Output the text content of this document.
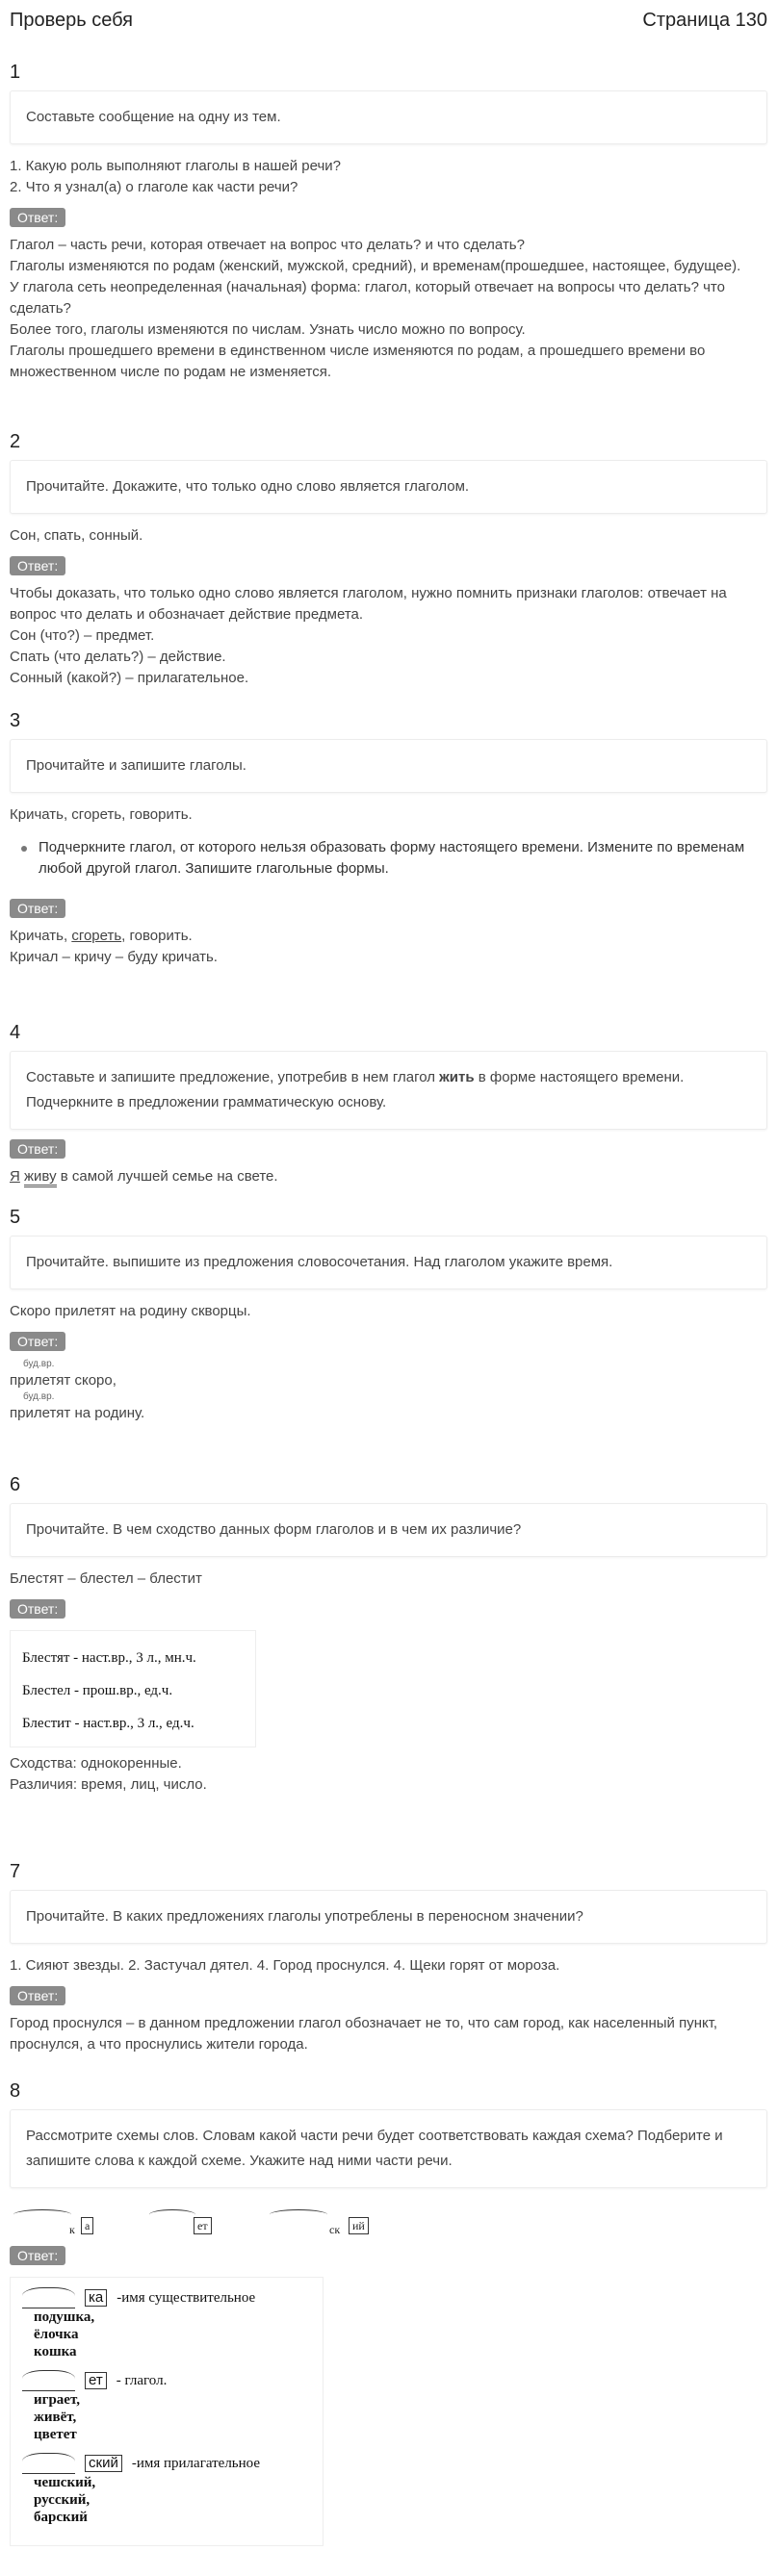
Проверь себя	Страница 130
1
Составьте сообщение на одну из тем.
1. Какую роль выполняют глаголы в нашей речи?
2. Что я узнал(а) о глаголе как части речи?
Ответ:
Глагол – часть речи, которая отвечает на вопрос что делать? и что сделать?
Глаголы изменяются по родам (женский, мужской, средний), и временам(прошедшее, настоящее, будущее).
У глагола сеть неопределенная (начальная) форма: глагол, который отвечает на вопросы что делать? что сделать?
Более того, глаголы изменяются по числам. Узнать число можно по вопросу.
Глаголы прошедшего времени в единственном числе изменяются по родам, а прошедшего времени во множественном числе по родам не изменяется.
2
Прочитайте. Докажите, что только одно слово является глаголом.
Сон, спать, сонный.
Ответ:
Чтобы доказать, что только одно слово является глаголом, нужно помнить признаки глаголов: отвечает на вопрос что делать и обозначает действие предмета.
Сон (что?) – предмет.
Спать (что делать?) – действие.
Сонный (какой?) – прилагательное.
3
Прочитайте и запишите глаголы.
Кричать, сгореть, говорить.
Подчеркните глагол, от которого нельзя образовать форму настоящего времени. Измените по временам любой другой глагол. Запишите глагольные формы.
Ответ:
Кричать, сгореть, говорить.
Кричал – кричу – буду кричать.
4
Составьте и запишите предложение, употребив в нем глагол жить в форме настоящего времени. Подчеркните в предложении грамматическую основу.
Ответ:
Я живу в самой лучшей семье на свете.
5
Прочитайте. выпишите из предложения словосочетания. Над глаголом укажите время.
Скоро прилетят на родину скворцы.
Ответ:
буд.вр.
прилетят скоро,
буд.вр.
прилетят на родину.
6
Прочитайте. В чем сходство данных форм глаголов и в чем их различие?
Блестят – блестел – блестит
Ответ:
Блестят - наст.вр., 3 л., мн.ч.
Блестел - прош.вр., ед.ч.
Блестит - наст.вр., 3 л., ед.ч.
Сходства: однокоренные.
Различия: время, лиц, число.
7
Прочитайте. В каких предложениях глаголы употреблены в переносном значении?
1. Сияют звезды. 2. Застучал дятел. 4. Город проснулся. 4. Щеки горят от мороза.
Ответ:
Город проснулся – в данном предложении глагол обозначает не то, что сам город, как населенный пункт, проснулся, а что проснулись жители города.
8
Рассмотрите схемы слов. Словам какой части речи будет соответствовать каждая схема? Подберите и запишите слова к каждой схеме. Укажите над ними части речи.
к а	ет	ск	ий
Ответ:
ка -имя существительное
подушка,
ёлочка
кошка
ет - глагол.
играет,
живёт,
цветет
ский -имя прилагательное
чешский,
русский,
барский
